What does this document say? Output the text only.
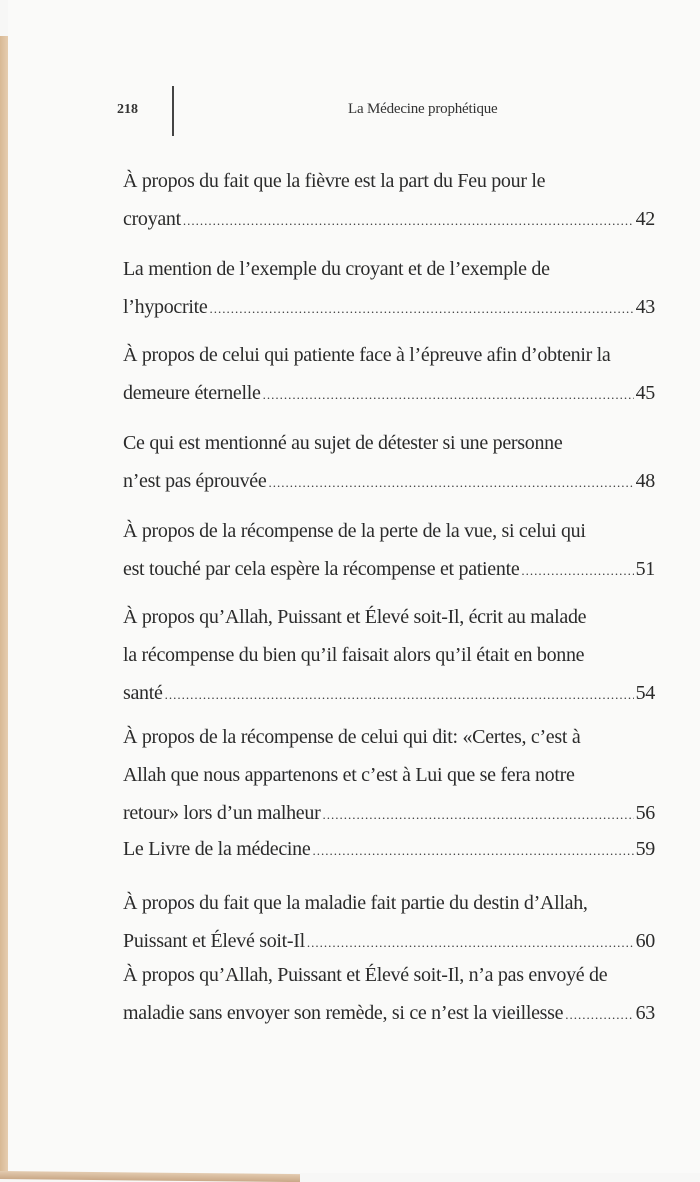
218	La Médecine prophétique
À propos du fait que la fièvre est la part du Feu pour le
croyant .....	42
La mention de l’exemple du croyant et de l’exemple de
l’hypocrite .....	43
À propos de celui qui patiente face à l’épreuve afin d’obtenir la
demeure éternelle .....	45
Ce qui est mentionné au sujet de détester si une personne
n’est pas éprouvée .....	48
À propos de la récompense de la perte de la vue, si celui qui
est touché par cela espère la récompense et patiente .....	51
À propos qu’Allah, Puissant et Élevé soit-Il, écrit au malade
la récompense du bien qu’il faisait alors qu’il était en bonne
santé .....	54
À propos de la récompense de celui qui dit: «Certes, c’est à
Allah que nous appartenons et c’est à Lui que se fera notre
retour» lors d’un malheur .....	56
Le Livre de la médecine .....	59
À propos du fait que la maladie fait partie du destin d’Allah,
Puissant et Élevé soit-Il .....	60
À propos qu’Allah, Puissant et Élevé soit-Il, n’a pas envoyé de
maladie sans envoyer son remède, si ce n’est la vieillesse .....	63
